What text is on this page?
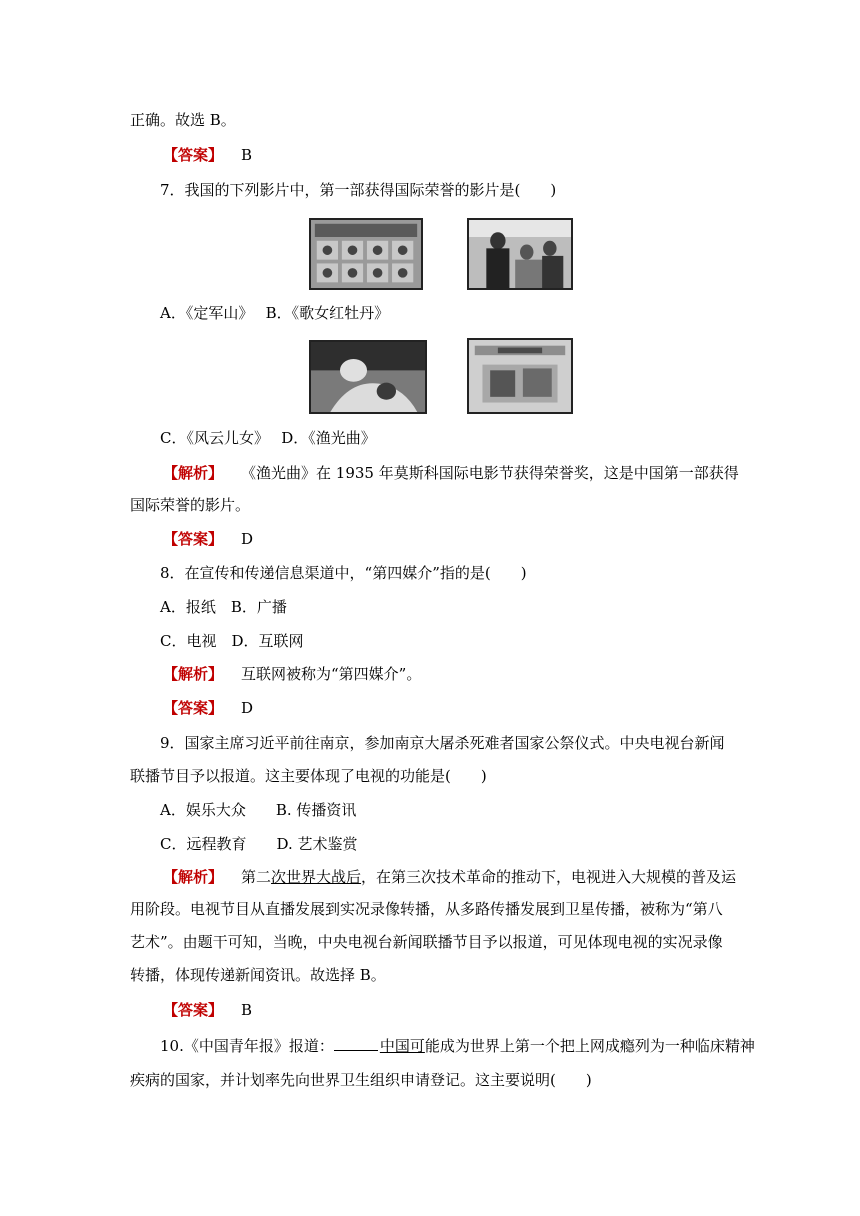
正确。故选 B。
【答案】 B
7．我国的下列影片中，第一部获得国际荣誉的影片是(　　)
A．《定军山》　 B．《歌女红牡丹》
C．《风云儿女》　 D．《渔光曲》
【解析】 《渔光曲》在 1935 年莫斯科国际电影节获得荣誉奖，这是中国第一部获得
国际荣誉的影片。
【答案】 D
8．在宣传和传递信息渠道中，“第四媒介”指的是(　　)
A．报纸　B．广播
C．电视　D．互联网
【解析】 互联网被称为“第四媒介”。
【答案】 D
9．国家主席习近平前往南京，参加南京大屠杀死难者国家公祭仪式。中央电视台新闻
联播节目予以报道。这主要体现了电视的功能是(　　)
A．娱乐大众　　B. 传播资讯
C．远程教育　　D. 艺术鉴赏
【解析】 第二次世界大战后，在第三次技术革命的推动下，电视进入大规模的普及运
用阶段。电视节目从直播发展到实况录像转播，从多路传播发展到卫星传播，被称为“第八
艺术”。由题干可知，当晚，中央电视台新闻联播节目予以报道，可见体现电视的实况录像
转播，体现传递新闻资讯。故选择 B。
【答案】 B
10.《中国青年报》报道：	中国可能成为世界上第一个把上网成瘾列为一种临床精神
疾病的国家，并计划率先向世界卫生组织申请登记。这主要说明(　　)
